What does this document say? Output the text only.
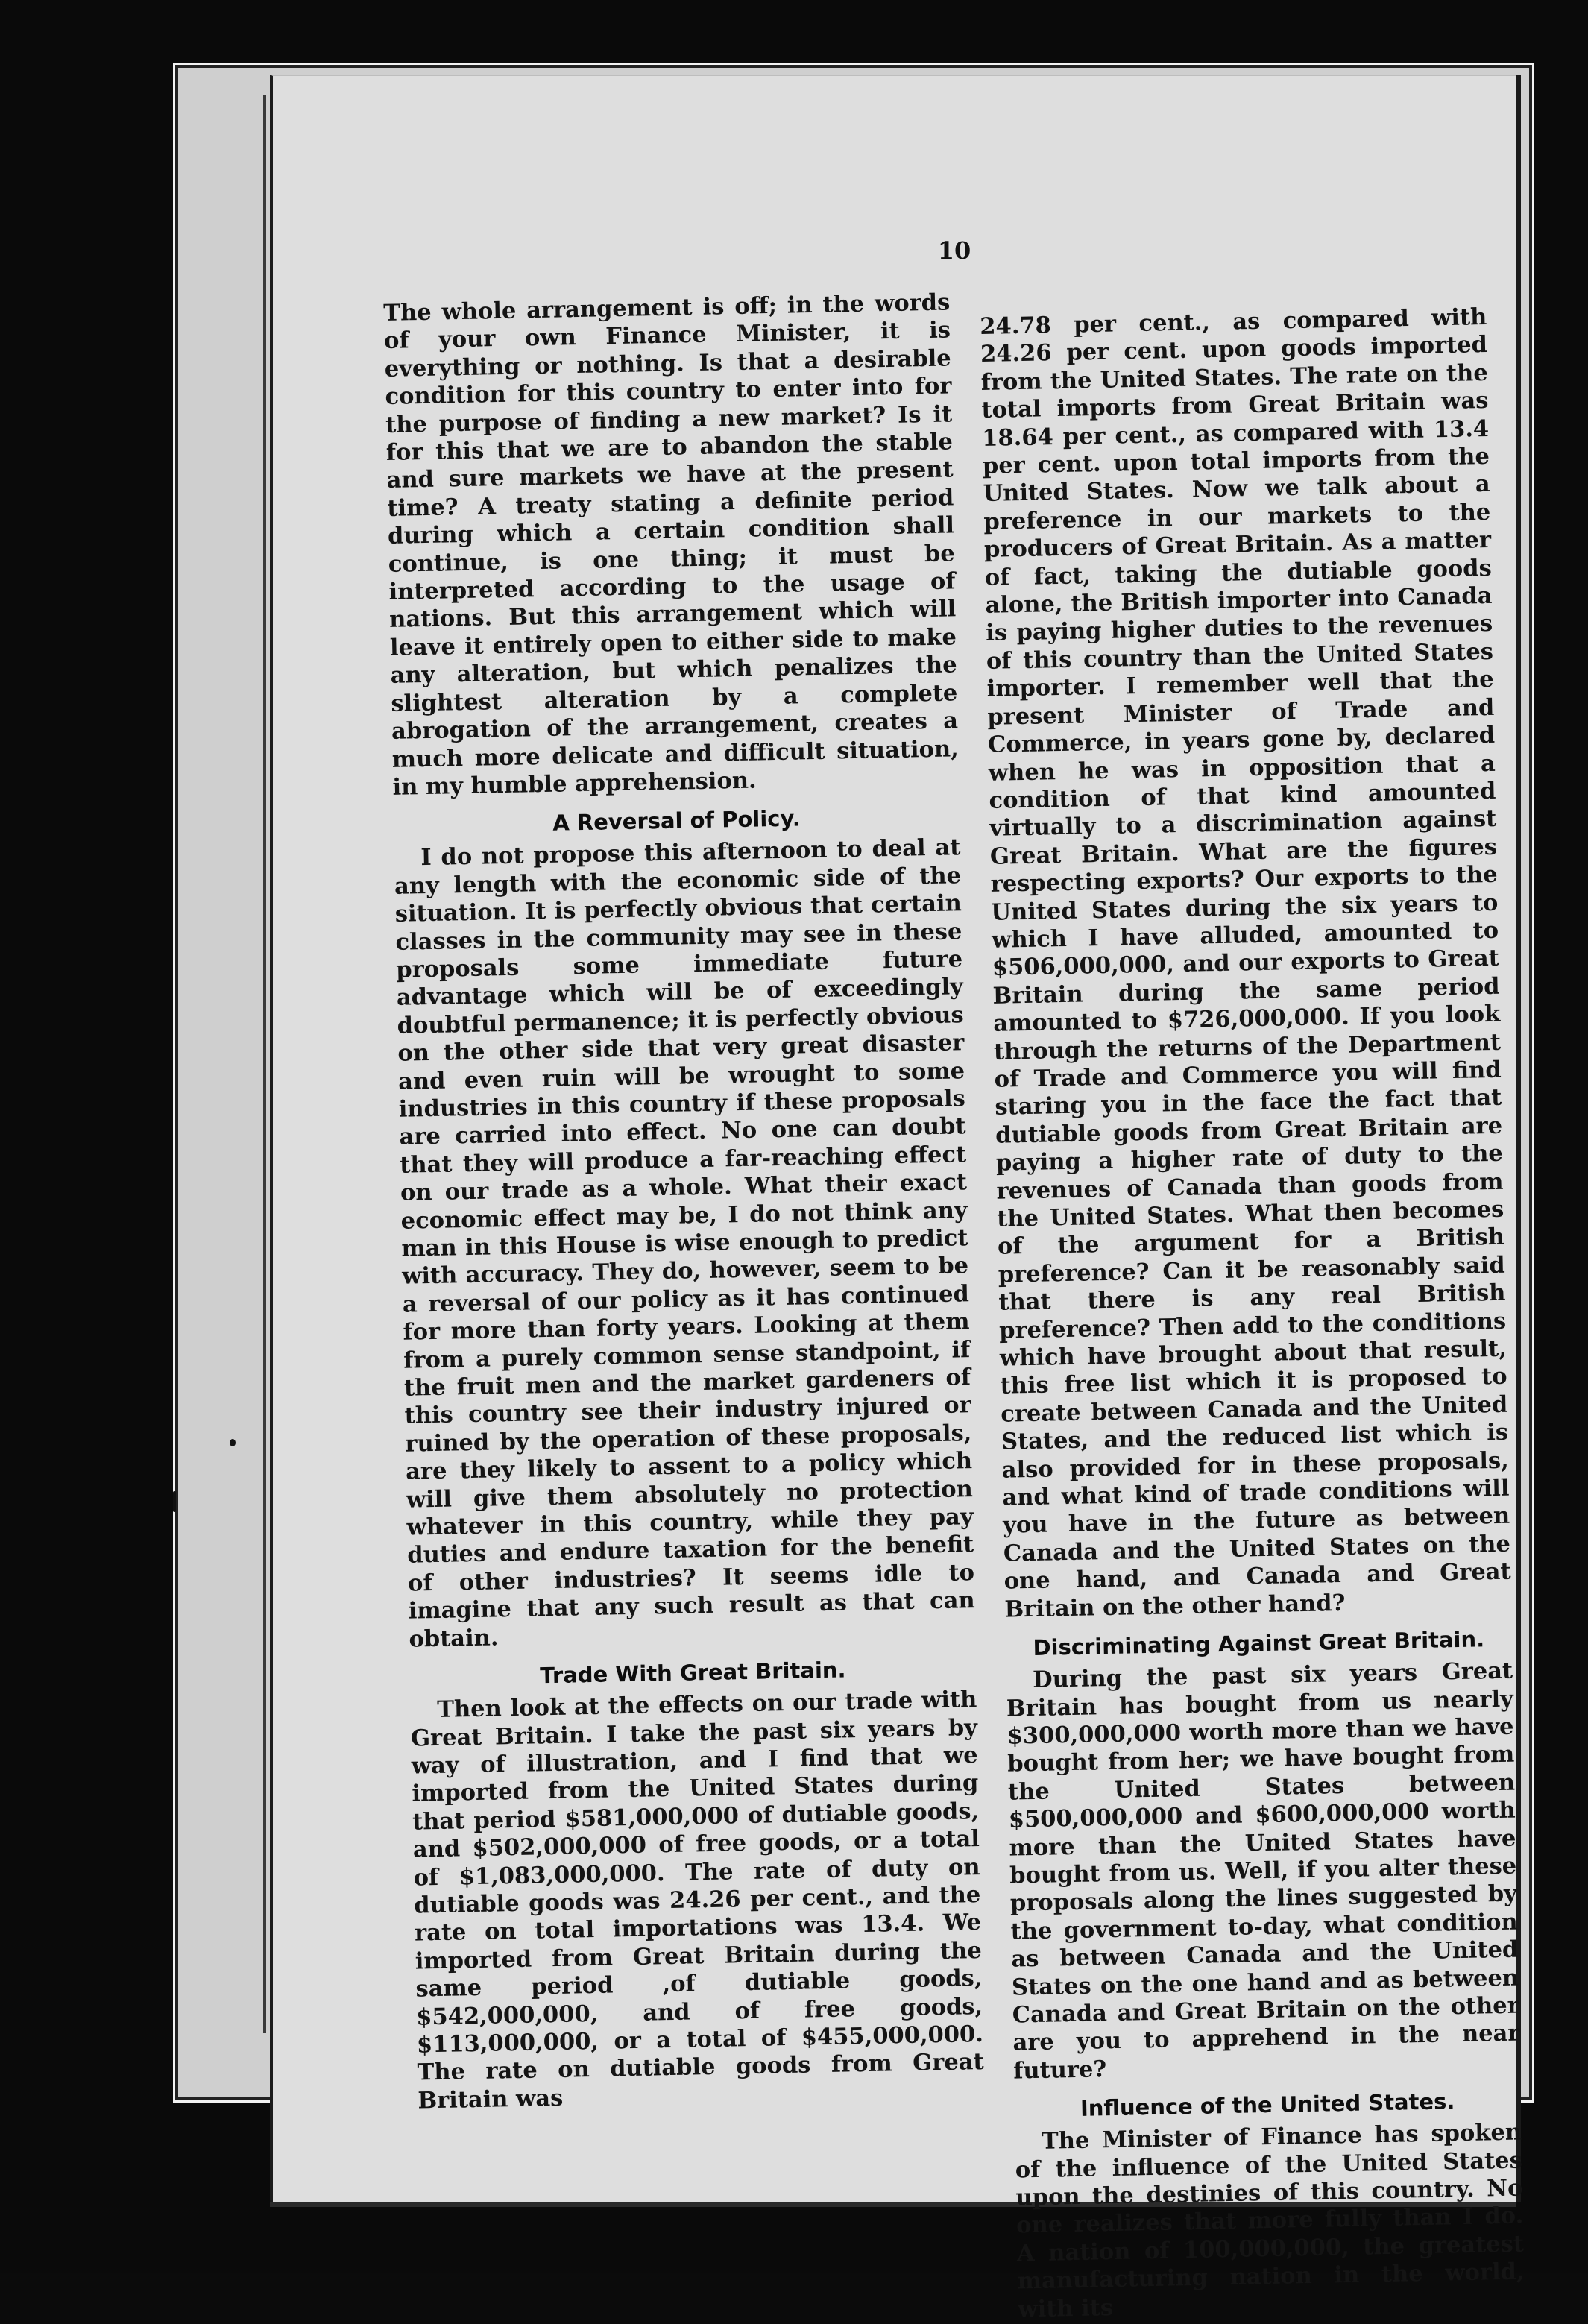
10

The whole arrangement is off; in the words of your own Finance Minister, it is everything or nothing. Is that a desirable condition for this country to enter into for the purpose of finding a new market? Is it for this that we are to abandon the stable and sure markets we have at the present time? A treaty stating a definite period during which a certain condition shall continue, is one thing; it must be interpreted according to the usage of nations. But this arrangement which will leave it entirely open to either side to make any alteration, but which penalizes the slightest alteration by a complete abrogation of the arrangement, creates a much more delicate and difficult situation, in my humble apprehension.

A Reversal of Policy.

I do not propose this afternoon to deal at any length with the economic side of the situation. It is perfectly obvious that certain classes in the community may see in these proposals some immediate future advantage which will be of exceedingly doubtful permanence; it is perfectly obvious on the other side that very great disaster and even ruin will be wrought to some industries in this country if these proposals are carried into effect. No one can doubt that they will produce a far-reaching effect on our trade as a whole. What their exact economic effect may be, I do not think any man in this House is wise enough to predict with accuracy. They do, however, seem to be a reversal of our policy as it has continued for more than forty years. Looking at them from a purely common sense standpoint, if the fruit men and the market gardeners of this country see their industry injured or ruined by the operation of these proposals, are they likely to assent to a policy which will give them absolutely no protection whatever in this country, while they pay duties and endure taxation for the benefit of other industries? It seems idle to imagine that any such result as that can obtain.

Trade With Great Britain.

Then look at the effects on our trade with Great Britain. I take the past six years by way of illustration, and I find that we imported from the United States during that period $581,000,000 of dutiable goods, and $502,000,000 of free goods, or a total of $1,083,000,000. The rate of duty on dutiable goods was 24.26 per cent., and the rate on total importations was 13.4. We imported from Great Britain during the same period ,of dutiable goods, $542,000,000, and of free goods, $113,000,000, or a total of $455,000,000. The rate on dutiable goods from Great Britain was

24.78 per cent., as compared with 24.26 per cent. upon goods imported from the United States. The rate on the total imports from Great Britain was 18.64 per cent., as compared with 13.4 per cent. upon total imports from the United States. Now we talk about a preference in our markets to the producers of Great Britain. As a matter of fact, taking the dutiable goods alone, the British importer into Canada is paying higher duties to the revenues of this country than the United States importer. I remember well that the present Minister of Trade and Commerce, in years gone by, declared when he was in opposition that a condition of that kind amounted virtually to a discrimination against Great Britain. What are the figures respecting exports? Our exports to the United States during the six years to which I have alluded, amounted to $506,000,000, and our exports to Great Britain during the same period amounted to $726,000,000. If you look through the returns of the Department of Trade and Commerce you will find staring you in the face the fact that dutiable goods from Great Britain are paying a higher rate of duty to the revenues of Canada than goods from the United States. What then becomes of the argument for a British preference? Can it be reasonably said that there is any real British preference? Then add to the conditions which have brought about that result, this free list which it is proposed to create between Canada and the United States, and the reduced list which is also provided for in these proposals, and what kind of trade conditions will you have in the future as between Canada and the United States on the one hand, and Canada and Great Britain on the other hand?

Discriminating Against Great Britain.

During the past six years Great Britain has bought from us nearly $300,000,000 worth more than we have bought from her; we have bought from the United States between $500,000,000 and $600,000,000 worth more than the United States have bought from us. Well, if you alter these proposals along the lines suggested by the government to-day, what condition as between Canada and the United States on the one hand and as between Canada and Great Britain on the other are you to apprehend in the near future?

Influence of the United States.

The Minister of Finance has spoken of the influence of the United States upon the destinies of this country. No one realizes that more fully than I do. A nation of 100,000,000, the greatest manufacturing nation in the world, with its
